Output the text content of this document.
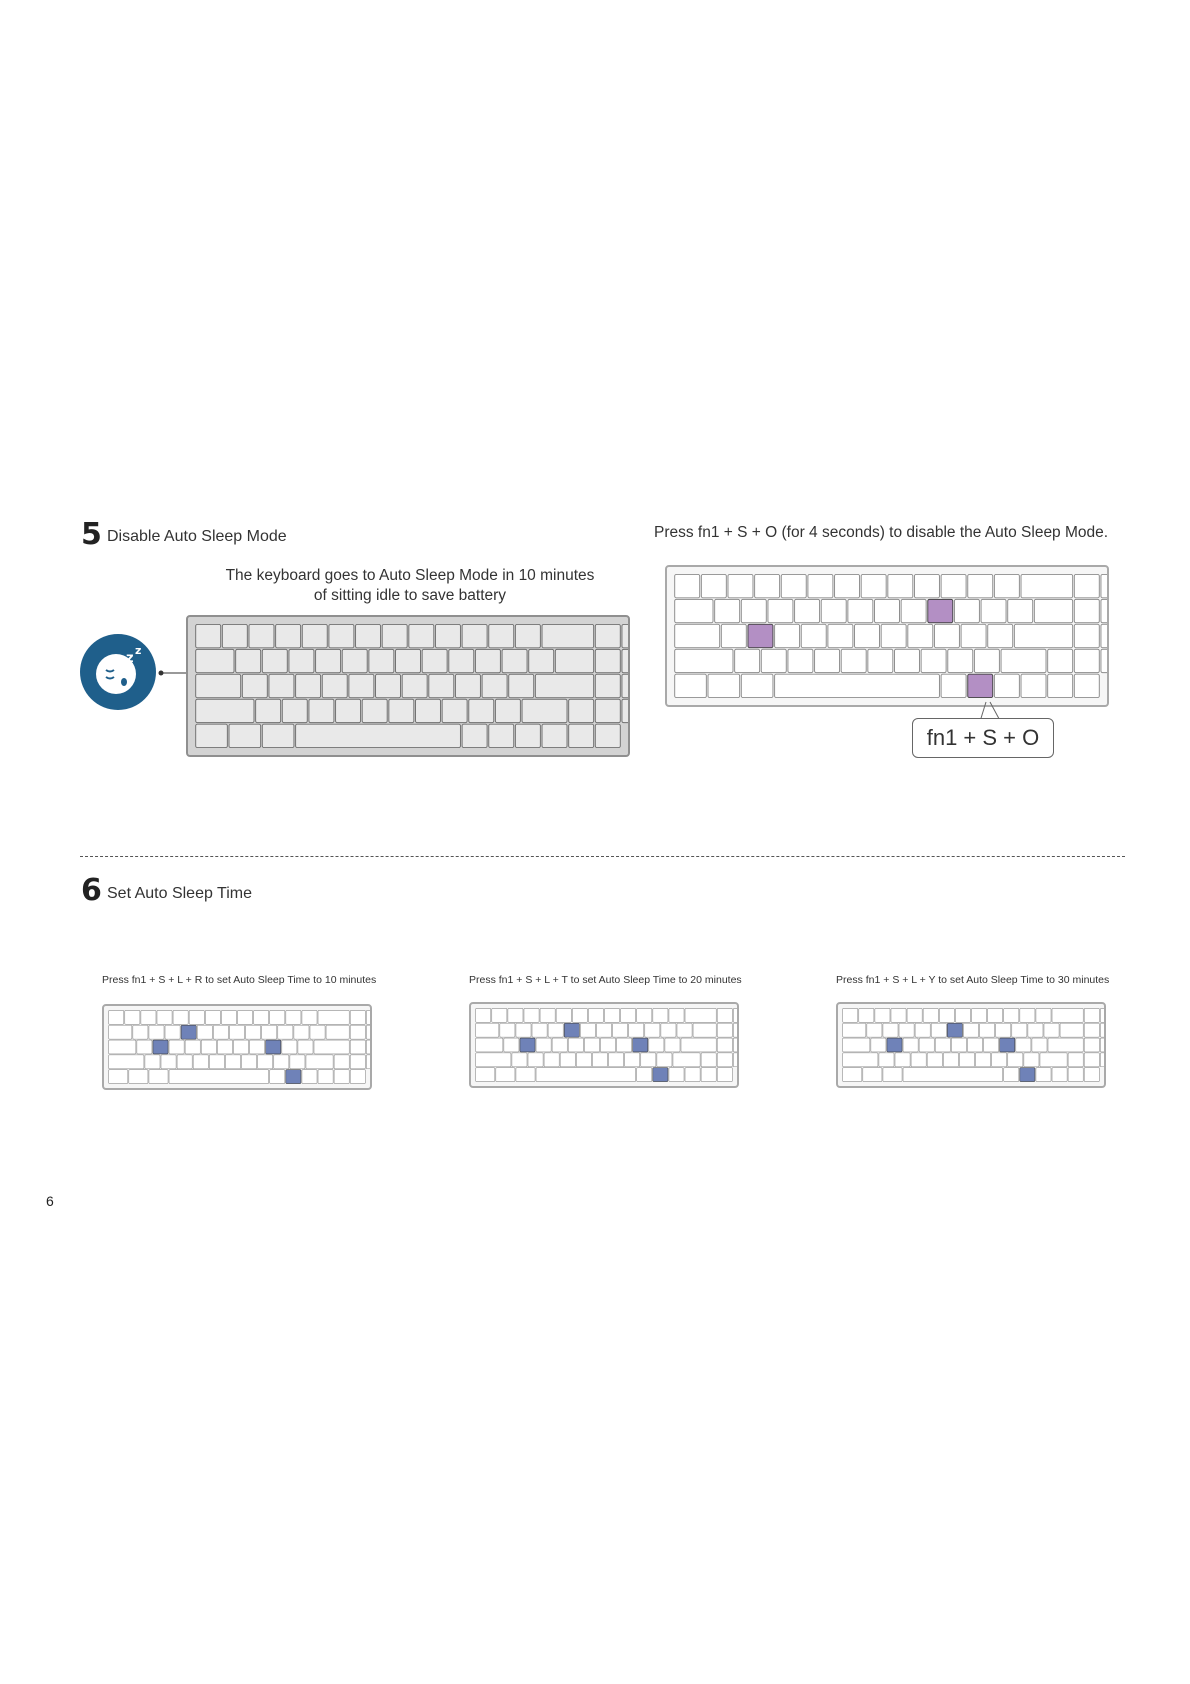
5 Disable Auto Sleep Mode
The keyboard goes to Auto Sleep Mode in 10 minutes
of sitting idle to save battery
Press fn1 + S + O (for 4 seconds) to disable the Auto Sleep Mode.
z
z
fn1 + S + O
6 Set Auto Sleep Time
Press fn1 + S + L + R to set Auto Sleep Time to 10 minutes	Press fn1 + S + L + T to set Auto Sleep Time to 20 minutes	Press fn1 + S + L + Y to set Auto Sleep Time to 30 minutes
6
